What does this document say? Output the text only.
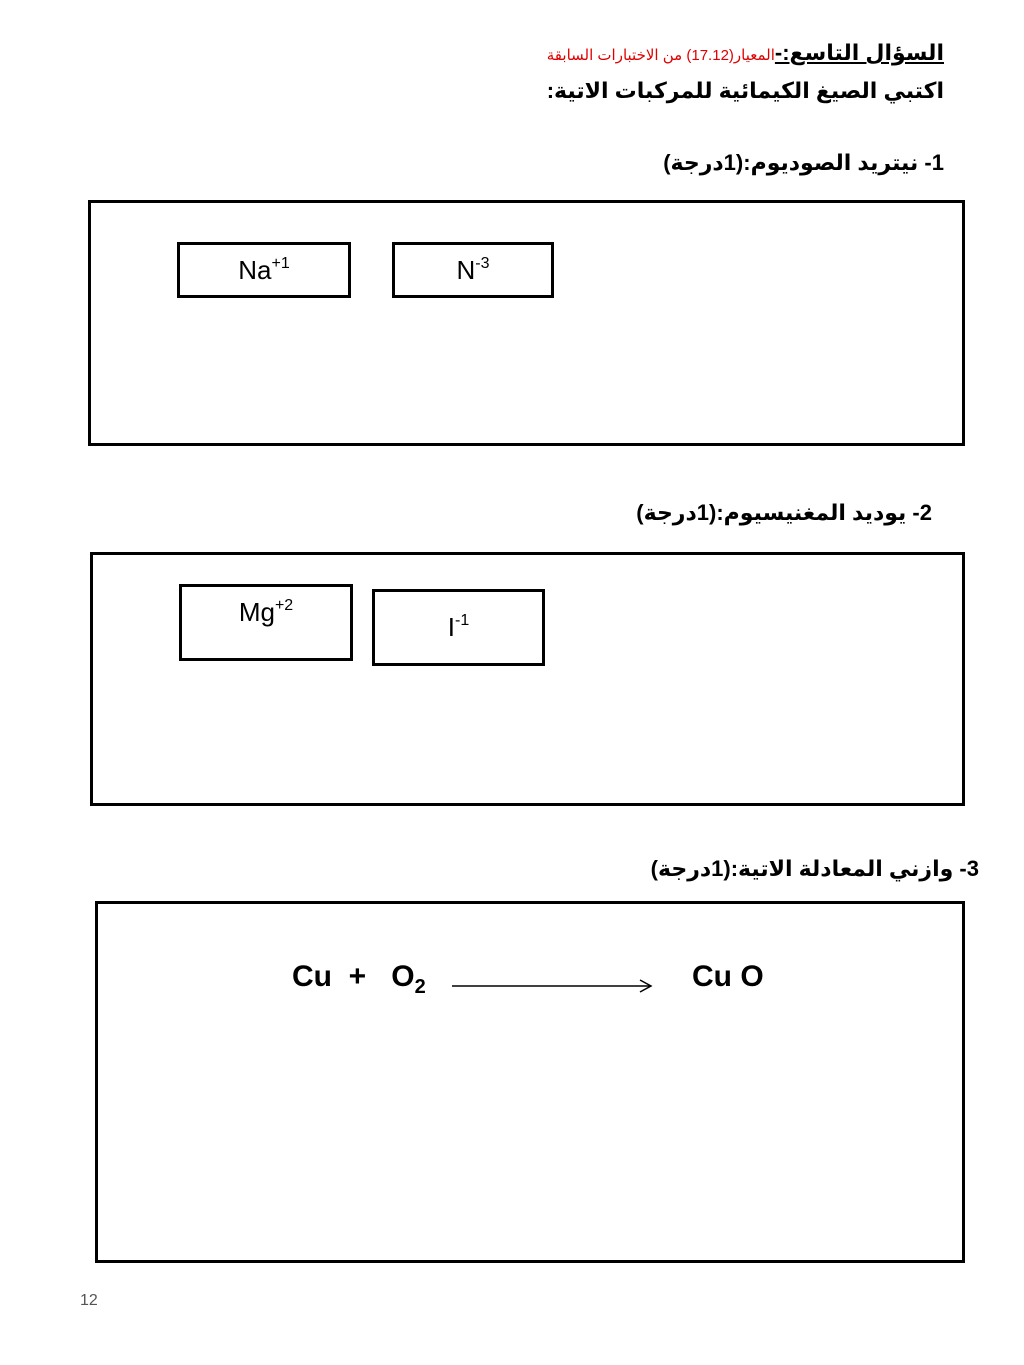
السؤال التاسع:-المعيار(17.12) من الاختبارات السابقة
اكتبي الصيغ الكيمائية للمركبات الاتية:
1- نيتريد الصوديوم:(1درجة)
$Na^{+1}$	$N^{-3}$
2- يوديد المغنيسيوم:(1درجة)
$Mg^{+2}$
$I^{-1}$
3- وازني المعادلة الاتية:(1درجة)
$Cu + O_2$	Cu O
12
